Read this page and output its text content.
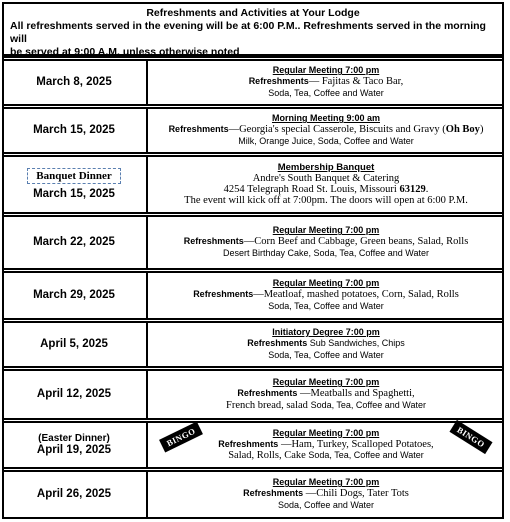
Refreshments and Activities at Your Lodge
All refreshments served in the evening will be at 6:00 P.M.. Refreshments served in the morning will
be served at 9:00 A.M. unless otherwise noted
March 8, 2025
Regular Meeting 7:00 pm
Refreshments— Fajitas & Taco Bar,
Soda, Tea, Coffee and Water
March 15, 2025
Morning Meeting 9:00 am
Refreshments—Georgia's special Casserole, Biscuits and Gravy (Oh Boy)
Milk, Orange Juice, Soda, Coffee and Water
Banquet Dinner
March 15, 2025
Membership Banquet
Andre's South Banquet & Catering
4254 Telegraph Road St. Louis, Missouri 63129.
The event will kick off at 7:00pm. The doors will open at 6:00 P.M.
March 22, 2025
Regular Meeting 7:00 pm
Refreshments—Corn Beef and Cabbage, Green beans, Salad, Rolls
Desert Birthday Cake, Soda, Tea, Coffee and Water
March 29, 2025
Regular Meeting 7:00 pm
Refreshments—Meatloaf, mashed potatoes, Corn, Salad, Rolls
Soda, Tea, Coffee and Water
April 5, 2025
Initiatory Degree 7:00 pm
Refreshments Sub Sandwiches, Chips
Soda, Tea, Coffee and Water
April 12, 2025
Regular Meeting 7:00 pm
Refreshments —Meatballs and Spaghetti,
French bread, salad Soda, Tea, Coffee and Water
(Easter Dinner)
April 19, 2025
Regular Meeting 7:00 pm
Refreshments —Ham, Turkey, Scalloped Potatoes,
Salad, Rolls, Cake Soda, Tea, Coffee and Water
BINGO	BINGO
April 26, 2025
Regular Meeting 7:00 pm
Refreshments —Chili Dogs, Tater Tots
Soda, Coffee and Water
